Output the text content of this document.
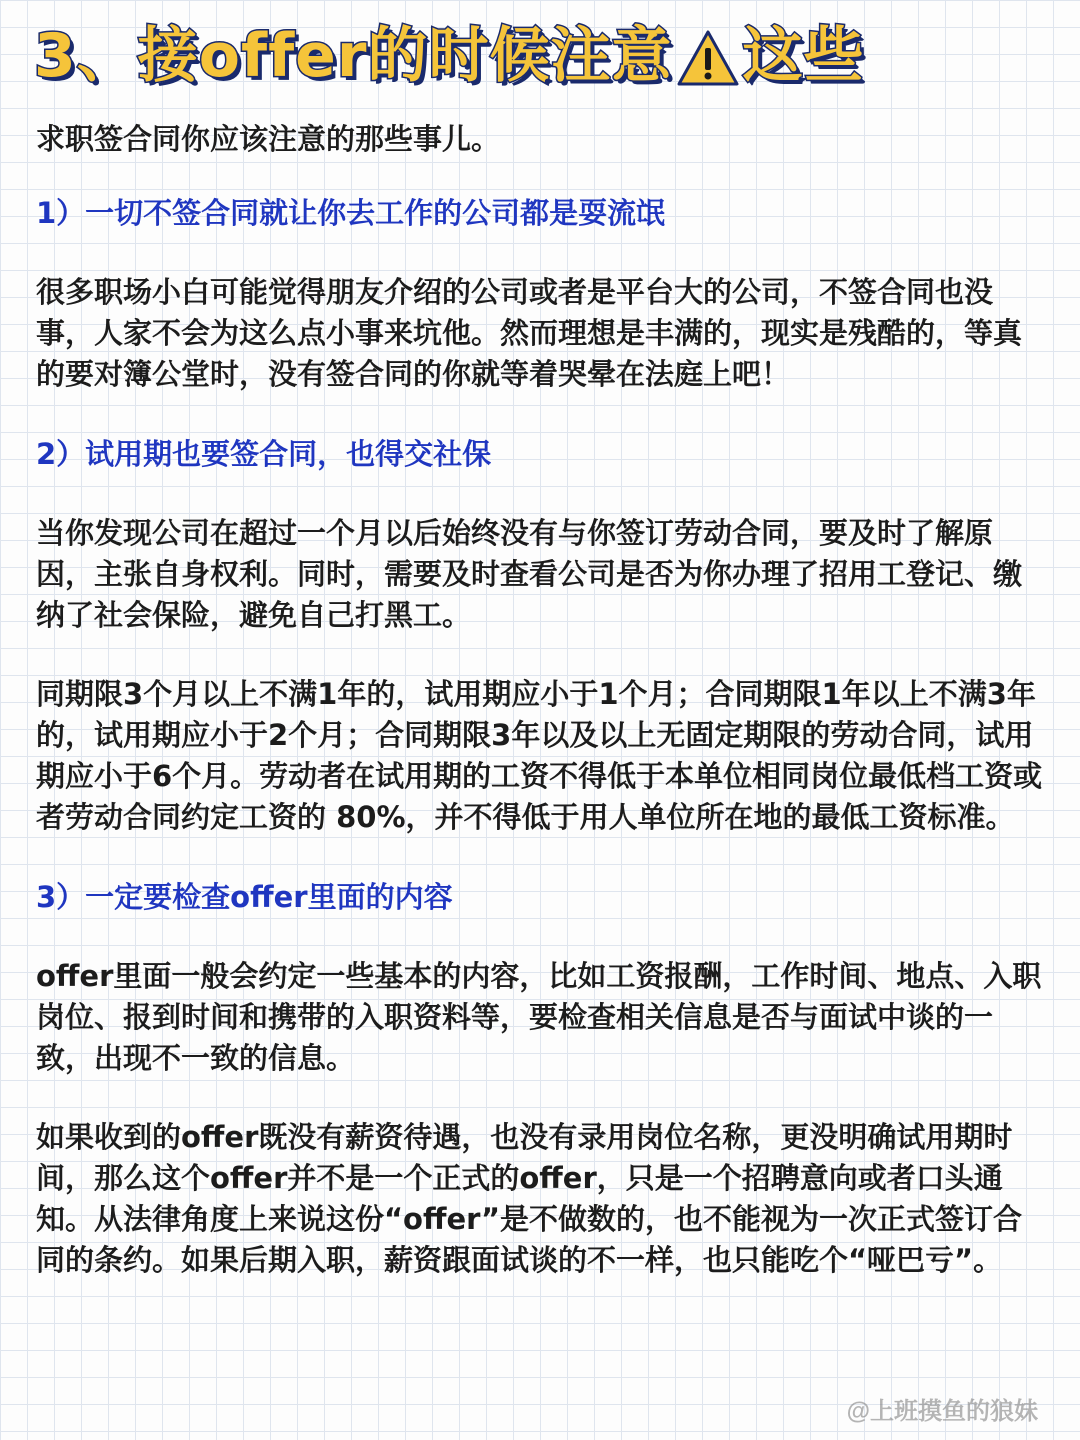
3、接offer的时候注意 这些

求职签合同你应该注意的那些事儿。

1）一切不签合同就让你去工作的公司都是耍流氓

很多职场小白可能觉得朋友介绍的公司或者是平台大的公司，不签合同也没事，人家不会为这么点小事来坑他。然而理想是丰满的，现实是残酷的，等真的要对簿公堂时，没有签合同的你就等着哭晕在法庭上吧！

2）试用期也要签合同，也得交社保

当你发现公司在超过一个月以后始终没有与你签订劳动合同，要及时了解原因，主张自身权利。同时，需要及时查看公司是否为你办理了招用工登记、缴纳了社会保险，避免自己打黑工。

同期限3个月以上不满1年的，试用期应小于1个月；合同期限1年以上不满3年的，试用期应小于2个月；合同期限3年以及以上无固定期限的劳动合同，试用期应小于6个月。劳动者在试用期的工资不得低于本单位相同岗位最低档工资或者劳动合同约定工资的 80%，并不得低于用人单位所在地的最低工资标准。

3）一定要检查offer里面的内容

offer里面一般会约定一些基本的内容，比如工资报酬，工作时间、地点、入职岗位、报到时间和携带的入职资料等，要检查相关信息是否与面试中谈的一致，出现不一致的信息。

如果收到的offer既没有薪资待遇，也没有录用岗位名称，更没明确试用期时间，那么这个offer并不是一个正式的offer，只是一个招聘意向或者口头通知。从法律角度上来说这份“offer”是不做数的，也不能视为一次正式签订合同的条约。如果后期入职，薪资跟面试谈的不一样，也只能吃个“哑巴亏”。

@上班摸鱼的狼妹
